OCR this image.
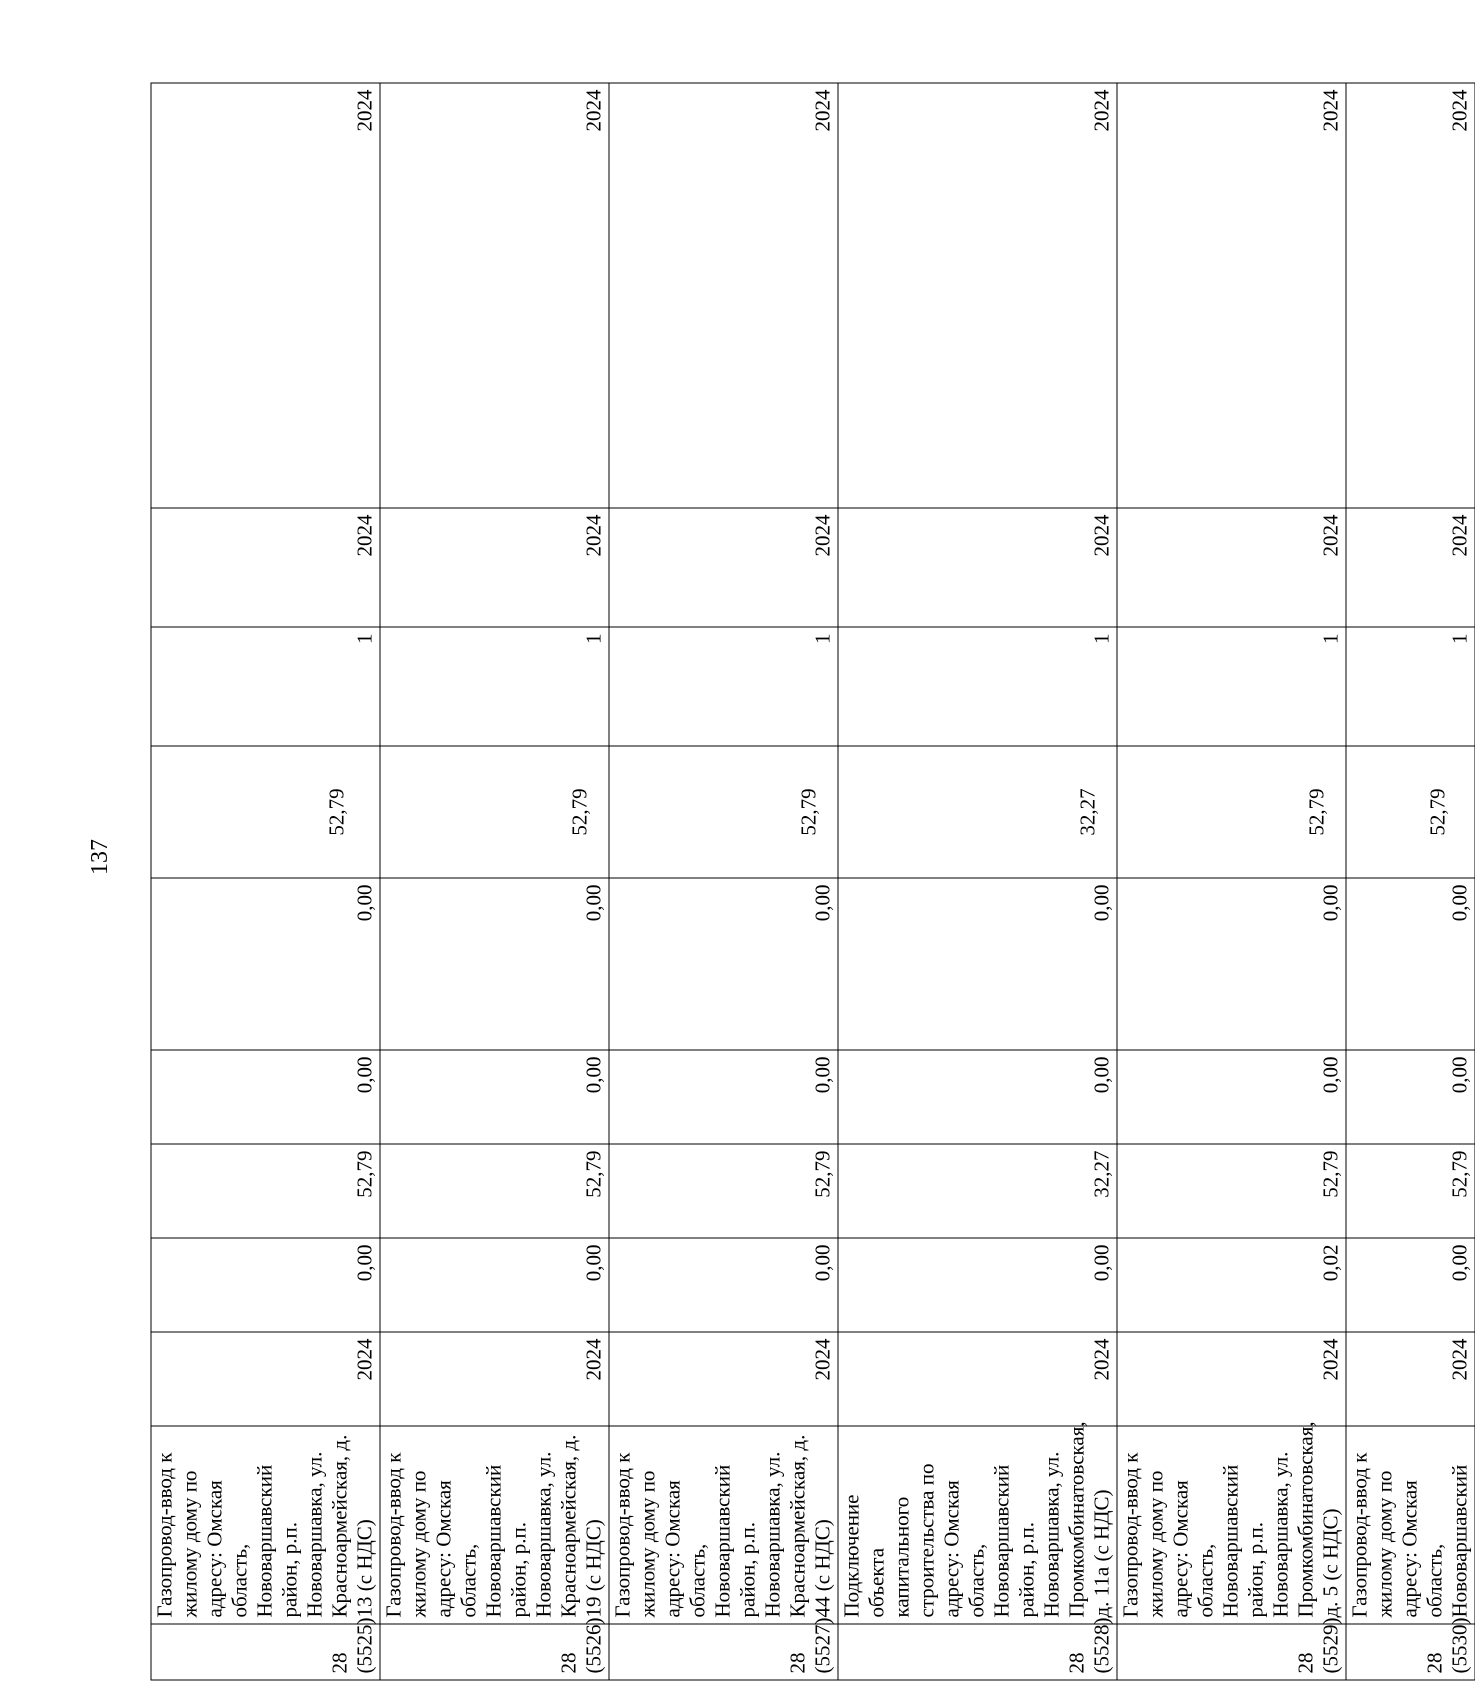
137
28 (5525)	Газопровод-ввод к жилому дому по адресу: Омская область, Нововаршавский район, р.п. Нововаршавка, ул. Красноармейская, д. 13 (с НДС)	2024	0,00	52,79	0,00	0,00	52,79	1	2024	2024
28 (5526)	Газопровод-ввод к жилому дому по адресу: Омская область, Нововаршавский район, р.п. Нововаршавка, ул. Красноармейская, д. 19 (с НДС)	2024	0,00	52,79	0,00	0,00	52,79	1	2024	2024
28 (5527)	Газопровод-ввод к жилому дому по адресу: Омская область, Нововаршавский район, р.п. Нововаршавка, ул. Красноармейская, д. 44 (с НДС)	2024	0,00	52,79	0,00	0,00	52,79	1	2024	2024
28 (5528)	Подключение объекта капитального строительства по адресу: Омская область, Нововаршавский район, р.п. Нововаршавка, ул. Промкомбинатовская, д. 11а (с НДС)	2024	0,00	32,27	0,00	0,00	32,27	1	2024	2024
28 (5529)	Газопровод-ввод к жилому дому по адресу: Омская область, Нововаршавский район, р.п. Нововаршавка, ул. Промкомбинатовская, д. 5 (с НДС)	2024	0,02	52,79	0,00	0,00	52,79	1	2024	2024
28 (5530)	Газопровод-ввод к жилому дому по адресу: Омская область, Нововаршавский	2024	0,00	52,79	0,00	0,00	52,79	1	2024	2024
